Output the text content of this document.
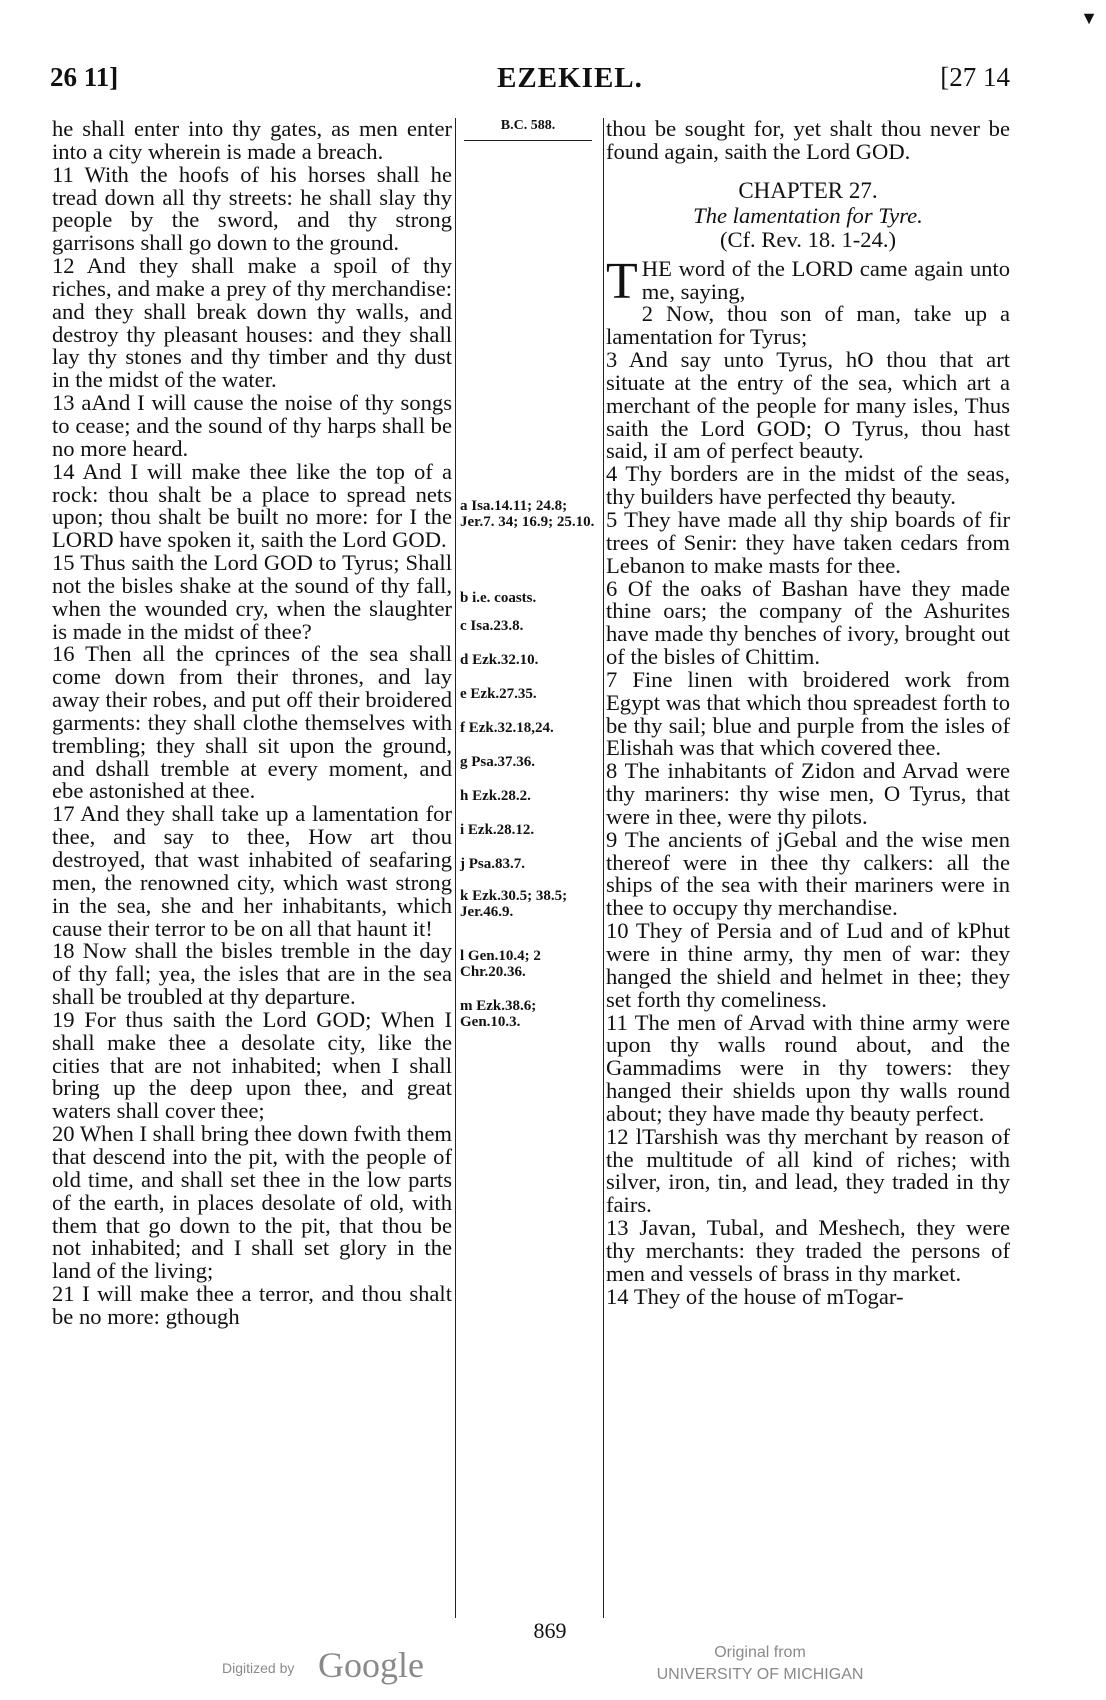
26 11]	EZEKIEL.	[27 14
▼

he shall enter into thy gates, as men enter into a city wherein is made a breach.

11 With the hoofs of his horses shall he tread down all thy streets: he shall slay thy people by the sword, and thy strong garrisons shall go down to the ground.

12 And they shall make a spoil of thy riches, and make a prey of thy merchandise: and they shall break down thy walls, and destroy thy pleasant houses: and they shall lay thy stones and thy timber and thy dust in the midst of the water.

13 aAnd I will cause the noise of thy songs to cease; and the sound of thy harps shall be no more heard.

14 And I will make thee like the top of a rock: thou shalt be a place to spread nets upon; thou shalt be built no more: for I the LORD have spoken it, saith the Lord GOD.

15 Thus saith the Lord GOD to Tyrus; Shall not the bisles shake at the sound of thy fall, when the wounded cry, when the slaughter is made in the midst of thee?

16 Then all the cprinces of the sea shall come down from their thrones, and lay away their robes, and put off their broidered garments: they shall clothe themselves with trembling; they shall sit upon the ground, and dshall tremble at every moment, and ebe astonished at thee.

17 And they shall take up a lamentation for thee, and say to thee, How art thou destroyed, that wast inhabited of seafaring men, the renowned city, which wast strong in the sea, she and her inhabitants, which cause their terror to be on all that haunt it!

18 Now shall the bisles tremble in the day of thy fall; yea, the isles that are in the sea shall be troubled at thy departure.

19 For thus saith the Lord GOD; When I shall make thee a desolate city, like the cities that are not inhabited; when I shall bring up the deep upon thee, and great waters shall cover thee;

20 When I shall bring thee down fwith them that descend into the pit, with the people of old time, and shall set thee in the low parts of the earth, in places desolate of old, with them that go down to the pit, that thou be not inhabited; and I shall set glory in the land of the living;

21 I will make thee a terror, and thou shalt be no more: gthough

B.C. 588.
a Isa.14.11; 24.8; Jer.7. 34; 16.9; 25.10.
b i.e. coasts.
c Isa.23.8.
d Ezk.32.10.
e Ezk.27.35.
f Ezk.32.18,24.
g Psa.37.36.
h Ezk.28.2.
i Ezk.28.12.
j Psa.83.7.
k Ezk.30.5; 38.5; Jer.46.9.
l Gen.10.4; 2 Chr.20.36.
m Ezk.38.6; Gen.10.3.

thou be sought for, yet shalt thou never be found again, saith the Lord GOD.

CHAPTER 27.
The lamentation for Tyre.
(Cf. Rev. 18. 1-24.)

THE word of the LORD came again unto me, saying,

2 Now, thou son of man, take up a lamentation for Tyrus;

3 And say unto Tyrus, hO thou that art situate at the entry of the sea, which art a merchant of the people for many isles, Thus saith the Lord GOD; O Tyrus, thou hast said, iI am of perfect beauty.

4 Thy borders are in the midst of the seas, thy builders have perfected thy beauty.

5 They have made all thy ship boards of fir trees of Senir: they have taken cedars from Lebanon to make masts for thee.

6 Of the oaks of Bashan have they made thine oars; the company of the Ashurites have made thy benches of ivory, brought out of the bisles of Chittim.

7 Fine linen with broidered work from Egypt was that which thou spreadest forth to be thy sail; blue and purple from the isles of Elishah was that which covered thee.

8 The inhabitants of Zidon and Arvad were thy mariners: thy wise men, O Tyrus, that were in thee, were thy pilots.

9 The ancients of jGebal and the wise men thereof were in thee thy calkers: all the ships of the sea with their mariners were in thee to occupy thy merchandise.

10 They of Persia and of Lud and of kPhut were in thine army, thy men of war: they hanged the shield and helmet in thee; they set forth thy comeliness.

11 The men of Arvad with thine army were upon thy walls round about, and the Gammadims were in thy towers: they hanged their shields upon thy walls round about; they have made thy beauty perfect.

12 lTarshish was thy merchant by reason of the multitude of all kind of riches; with silver, iron, tin, and lead, they traded in thy fairs.

13 Javan, Tubal, and Meshech, they were thy merchants: they traded the persons of men and vessels of brass in thy market.

14 They of the house of mTogar-

869
Digitized by Google	Original from
UNIVERSITY OF MICHIGAN
